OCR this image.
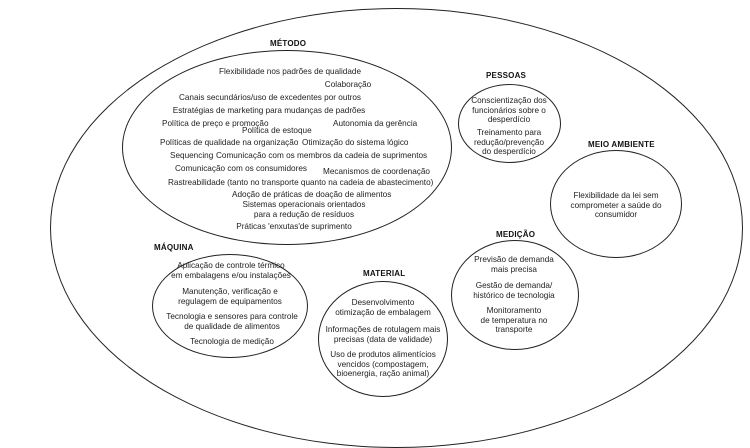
MÉTODO
Flexibilidade nos padrões de qualidade
Colaboração
Canais secundários/uso de excedentes por outros
Estratégias de marketing para mudanças de padrões
Política de preço e promoção	Autonomia da gerência
Política de estoque
Políticas de qualidade na organização Otimização do sistema lógico
Sequencing Comunicação com os membros da cadeia de suprimentos
Comunicação com os consumidores Mecanismos de coordenação
Rastreabilidade (tanto no transporte quanto na cadeia de abastecimento)
Adoção de práticas de doação de alimentos
Sistemas operacionais orientados
para a redução de resíduos
Práticas 'enxutas'de suprimento
PESSOAS
Conscientização dos
funcionários sobre o
desperdício
Treinamento para
redução/prevenção
do desperdício
MEIO AMBIENTE
Flexibilidade da lei sem
comprometer a saúde do
consumidor
MÁQUINA
Aplicação de controle térmico
em embalagens e/ou instalações
Manutenção, verificação e
regulagem de equipamentos
Tecnologia e sensores para controle
de qualidade de alimentos
Tecnologia de medição
MATERIAL
Desenvolvimento
otimização de embalagem
Informações de rotulagem mais
precisas (data de validade)
Uso de produtos alimentícios
vencidos (compostagem,
bioenergia, ração animal)
MEDIÇÃO
Previsão de demanda
mais precisa
Gestão de demanda/
histórico de tecnologia
Monitoramento
de temperatura no
transporte
